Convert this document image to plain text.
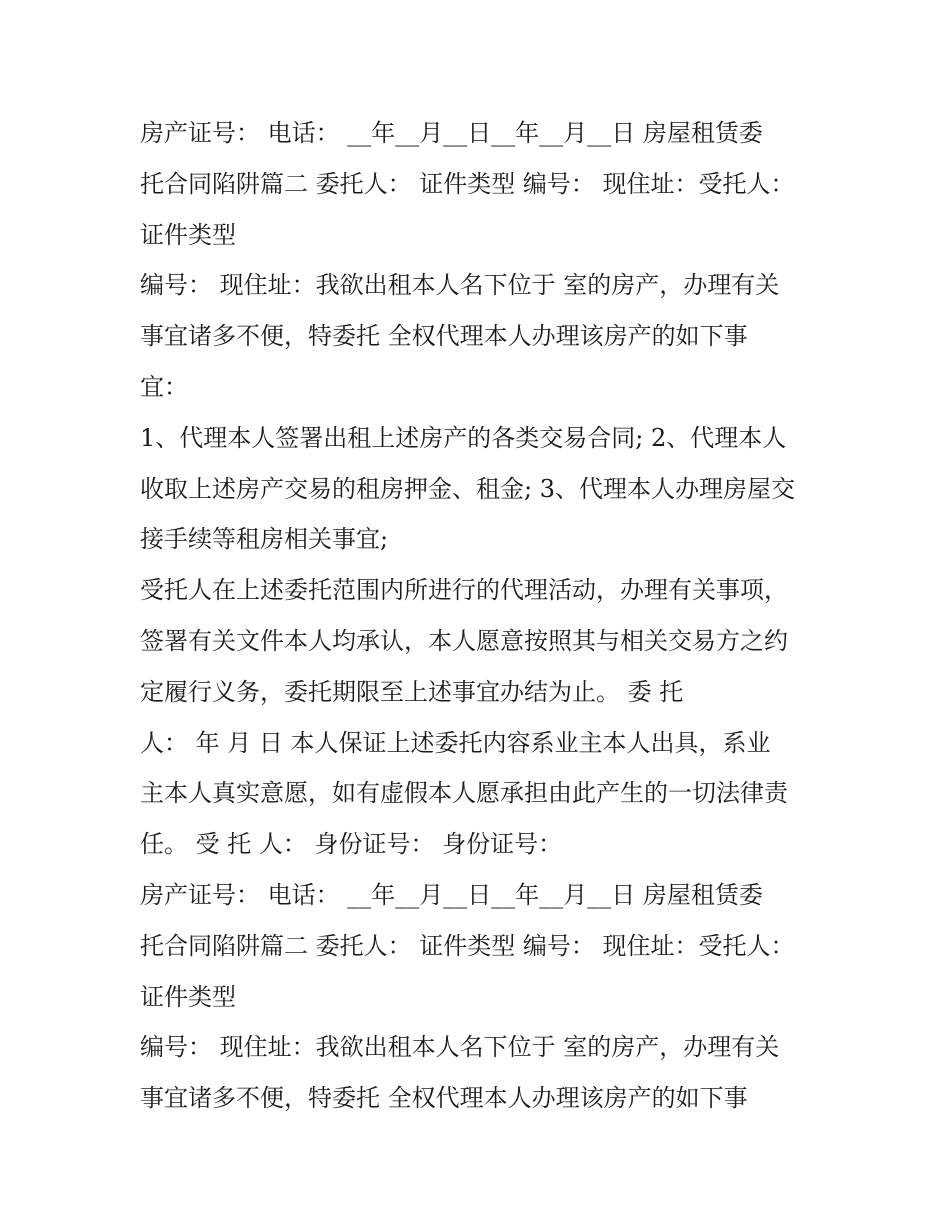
房产证号： 电话： __年__月__日__年__月__日 房屋租赁委
托合同陷阱篇二 委托人： 证件类型 编号： 现住址：受托人：
证件类型
编号： 现住址：我欲出租本人名下位于 室的房产，办理有关
事宜诸多不便，特委托 全权代理本人办理该房产的如下事
宜：
1、代理本人签署出租上述房产的各类交易合同; 2、代理本人
收取上述房产交易的租房押金、租金; 3、代理本人办理房屋交
接手续等租房相关事宜;
受托人在上述委托范围内所进行的代理活动，办理有关事项，
签署有关文件本人均承认，本人愿意按照其与相关交易方之约
定履行义务，委托期限至上述事宜办结为止。 委 托
人： 年 月 日 本人保证上述委托内容系业主本人出具，系业
主本人真实意愿，如有虚假本人愿承担由此产生的一切法律责
任。 受 托 人： 身份证号： 身份证号：
房产证号： 电话： __年__月__日__年__月__日 房屋租赁委
托合同陷阱篇二 委托人： 证件类型 编号： 现住址：受托人：
证件类型
编号： 现住址：我欲出租本人名下位于 室的房产，办理有关
事宜诸多不便，特委托 全权代理本人办理该房产的如下事
